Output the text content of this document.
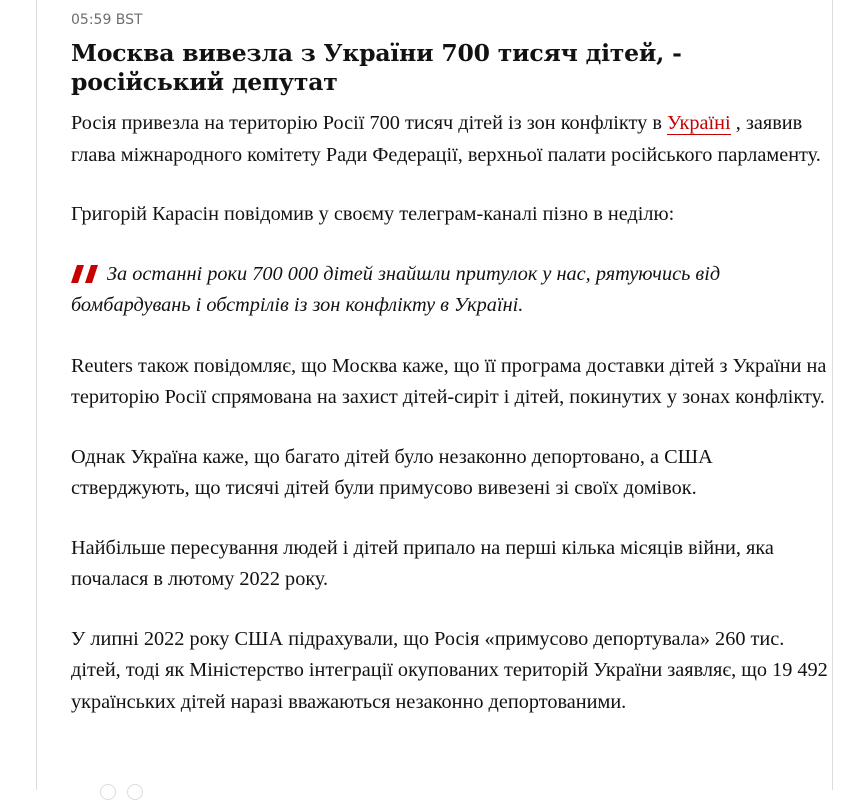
05:59 BST
Москва вивезла з України 700 тисяч дітей, - російський депутат

Росія привезла на територію Росії 700 тисяч дітей із зон конфлікту в Україні , заявив глава міжнародного комітету Ради Федерації, верхньої палати російського парламенту.

Григорій Карасін повідомив у своєму телеграм-каналі пізно в неділю:

За останні роки 700 000 дітей знайшли притулок у нас, рятуючись від бомбардувань і обстрілів із зон конфлікту в Україні.

Reuters також повідомляє, що Москва каже, що її програма доставки дітей з України на територію Росії спрямована на захист дітей-сиріт і дітей, покинутих у зонах конфлікту.

Однак Україна каже, що багато дітей було незаконно депортовано, а США стверджують, що тисячі дітей були примусово вивезені зі своїх домівок.

Найбільше пересування людей і дітей припало на перші кілька місяців війни, яка почалася в лютому 2022 року.

У липні 2022 року США підрахували, що Росія «примусово депортувала» 260 тис. дітей, тоді як Міністерство інтеграції окупованих територій України заявляє, що 19 492 українських дітей наразі вважаються незаконно депортованими.
